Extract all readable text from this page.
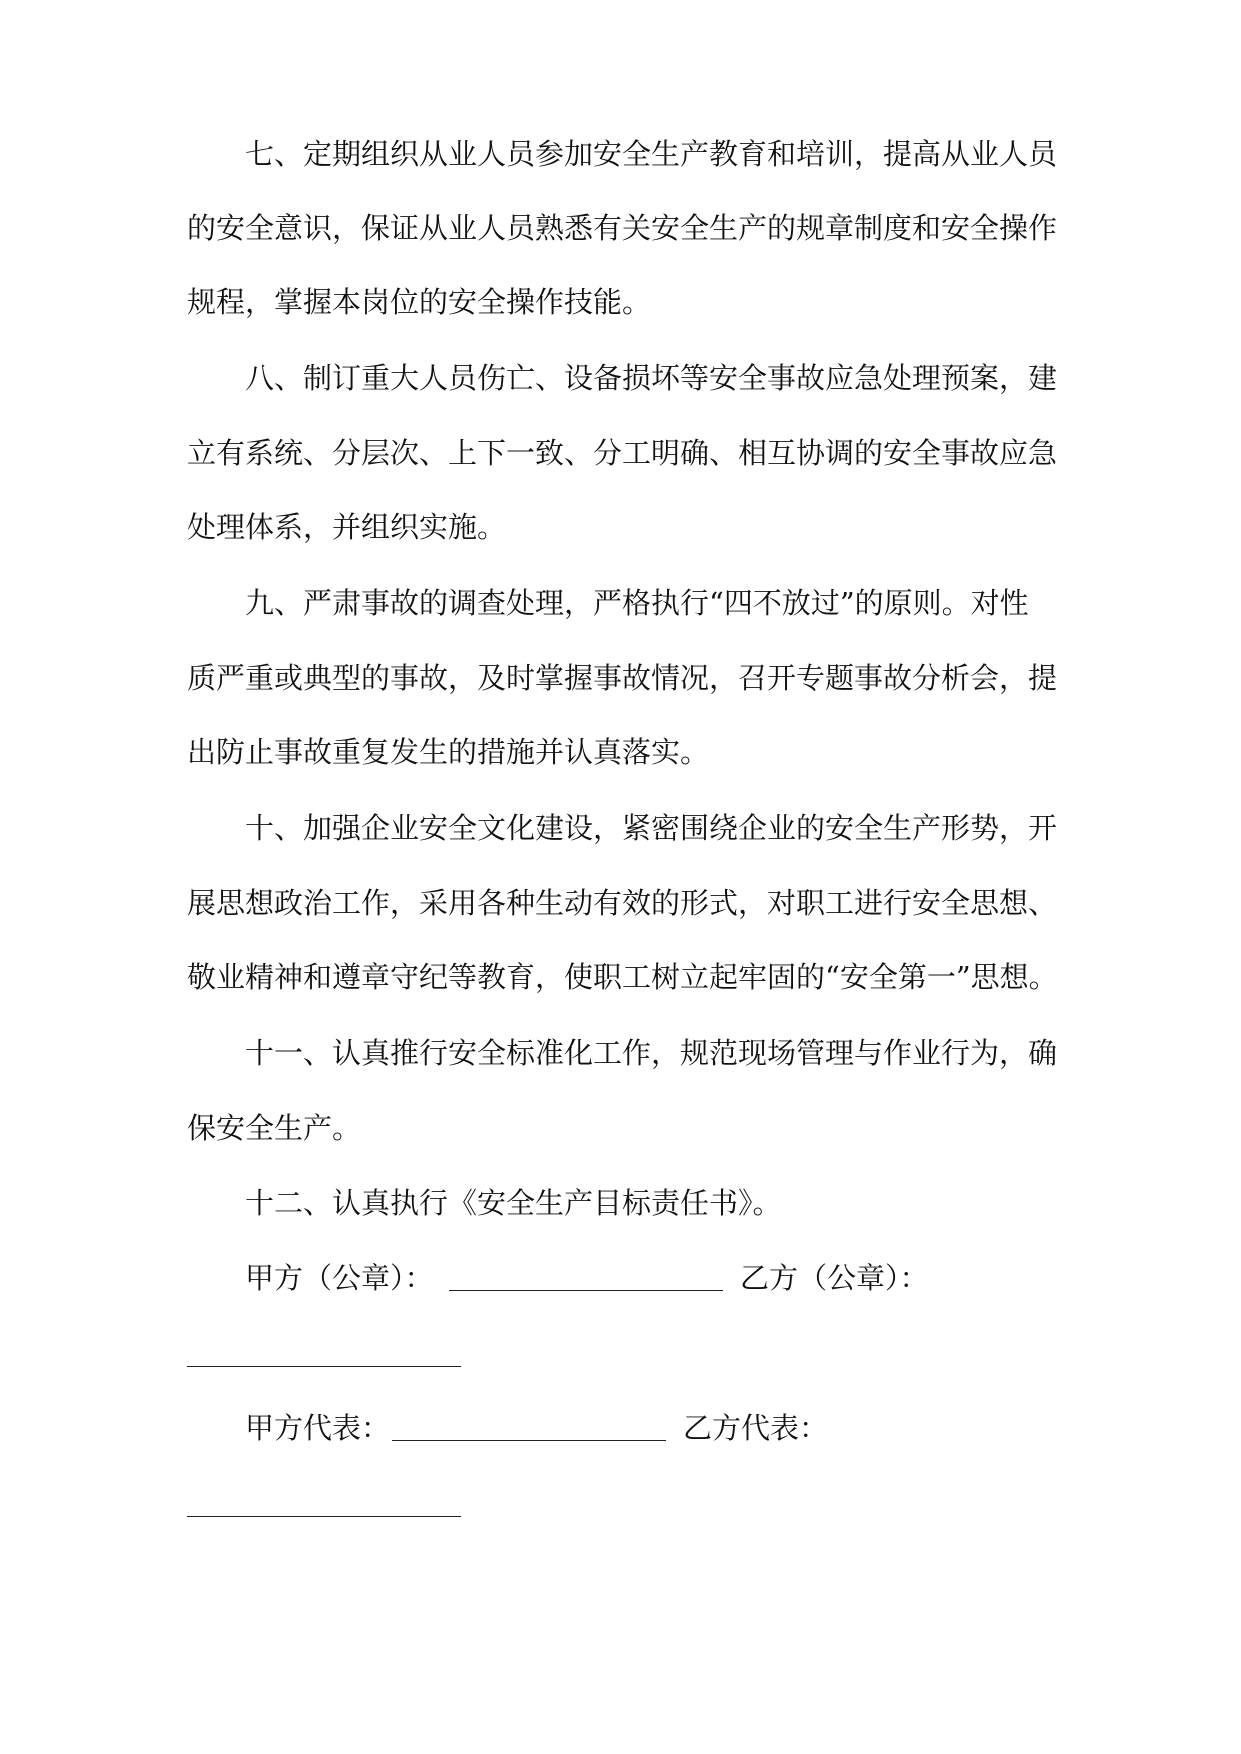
七、定期组织从业人员参加安全生产教育和培训，提高从业人员
的安全意识，保证从业人员熟悉有关安全生产的规章制度和安全操作
规程，掌握本岗位的安全操作技能。
八、制订重大人员伤亡、设备损坏等安全事故应急处理预案，建
立有系统、分层次、上下一致、分工明确、相互协调的安全事故应急
处理体系，并组织实施。
九、严肃事故的调查处理，严格执行“四不放过”的原则。对性
质严重或典型的事故，及时掌握事故情况，召开专题事故分析会，提
出防止事故重复发生的措施并认真落实。
十、加强企业安全文化建设，紧密围绕企业的安全生产形势，开
展思想政治工作，采用各种生动有效的形式，对职工进行安全思想、
敬业精神和遵章守纪等教育，使职工树立起牢固的“安全第一”思想。
十一、认真推行安全标准化工作，规范现场管理与作业行为，确
保安全生产。
十二、认真执行《安全生产目标责任书》。
甲方（公章）：	乙方（公章）：
甲方代表：	乙方代表：
